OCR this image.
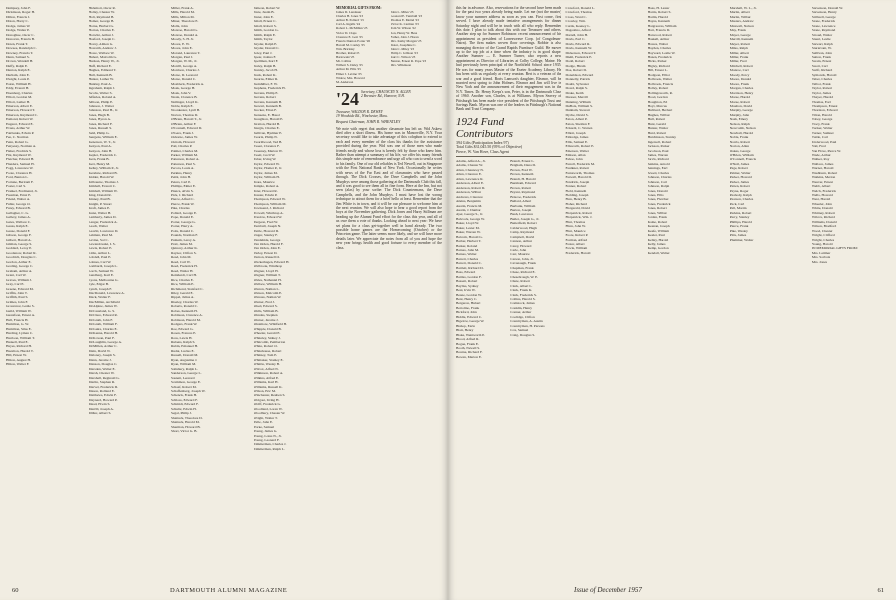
Dempsey, John F.
Dickinson, Roger H.
Dillon, Francis J.
Dixon, Harry C.
Dodge, James W.
Dodge, Walter P.
Donoghue, Oscar C.
Donovan, Francis B.
Doten, Frank T.
Dowsee, Randolph C.
Downey, Francis T.
Dunn, Samuel S.
Drown, Wendell H.
Duffy, Ralph E.
Dunton, Ralph E.
Durham, John E.
Dwight, Louis P.
Eaton, William H.
Eddy, Everett H.
Eisenberg, Charles
Elliott, Gordon M.
Elliott, Luther H.
Emerson, Albert E.
Emerson, Howard T.
Emerson, Raymond C.
Esmond, Robert W.
Eugerer, Edward E.
Evans, Arthur W.
Fairbanks, Edwin P.
Fee, C. Norman
Fenn, Robert G.
Fenyessy, Norman A.
Fisher, Fredrick S.
Fitz, Raymond W.
Fletcher, Edward H.
Flanders, Samuel H.
Fogg, Lawrence W.
Foote, Clarence H.
Ford, Benton L.
Fortune, Bertram F.
Foster, Carl S.
Frankel, Ferdinand, Jr.
Freeman, Ernst E.
Friend, Walter A.
Fuller, George O.
Furey, Edward B.
Gallagher, C. G.
Gallery, James A.
Gates, Wallace C.
Gauss, Ralph E.
Gause, Donald F.
Gibson, George F.
Gilbert, Harold A.
Gilman, George S.
Goddard, Leroy P.
Goodenow, Robert R.
Goodrich, Douglas C.
Gordon, Arthur E.
Gosling, George C.
Graham, Arthur A.
Grant, Carl W.
Graves, William J.
Gray, Carl E.
Greene, Edward M.
Griffin, John T.
Griffith, Paul S.
Grimes, John F.
Grosvenor, Leslie S.
Guild, William W.
Gustafson, Ernest A.
Hall, Francis H.
Hamilton, G. W.
Hamilton, Silas E.
Harding, Lyman C.
Harrison, William T.
Haskell, Paul E.
Hayes, Richard H.
Hazelton, Harold T.
Hill, Ernest W.
Hilton, August H.
Hilton, Walter F.
Hickmott, Oscar R.
Holley, Chester W.
Holt, Raymond B.
Homer, George B.
Horne, Herbert G.
Horton, Charles E.
Horwitz, Arthur J.
Hosford, Joseph C.
Hovey, Almon G.
Howarth, Andrew J.
Howe, Wallace W.
Hubert, Malcolm G.
Hudson, Henry W., Jr.
Huff, Richard E.
Hughes, Edmond T.
Hull, Kenneth B.
Hunter, Luther W.
Huntley, Paul A.
Ingraham, Ralph J.
Jacobs, Walter S.
Jefferies, Roland A.
Jellison, Philip E.
Johnson, J. Walter
Johnston, Paul H., Jr.
Jones, Hugh B.
Jones, Byron A.
Jones, Richard F.
Jones, Russell S.
Judd, Philip G.
Juergens, William E.
Kenerson, W. T., Jr.
Kenyon, Paul A.
Kenyon, John H.
Kepler, Frederick C.
Kern, Frank B.
Kerr, Henry M.
Kelley, William P., Jr.
Kershaw, Richard B.
Kidder, Harold W.
Kilbourne, Thomas J.
Kimball, Everett C.
Kimball, William W.
King, Donald R.
Kinney, Paul B.
Knight, P. Stuart
Kraft, James E.
Kunz, Walter H.
Lamberty, James D.
Langer, Frederick A.
Leach, Walter
Leavitt, Lawrence D.
Lehman, Paul M.
Levine, Sol C.
Lewandowski, I. S.
Lewis, Robert E.
Little, Arthur L.
Lobdell, Paul E.
Lohnes, Carl W.
Lombardi, Joseph L.
Lorch, Samuel W.
Lundberg, Karl E.
Lyons, Melbourne G.
Lyle, Edgar B.
Lynch, Joseph F.
MacDonald, Lawrence A.
Mack, Walter F.
MacMillan, Archibald
McAlpine, James W.
McCausland, G. S.
McClure, Edward R.
McGrath, John F.
McGrath, William F.
McGuire, Charles E.
McKenna, Harold H.
McKowan, Paul F.
McLaughlin, George A.
McMillen, Arthur C.
Main, David N.
Maloney, Joseph S.
Mann, Jerome J.
Manson, Douglas C.
Marsden, Walter E.
Marsh, Chester W.
Marshall, Reginald G.
Martin, Stephen R.
Marvel, Frederick D.
Mason, Rolland E.
Matthews, Edwin F.
Maynard, Howard P.
Mead, Elwin S.
Merrill, Joseph A.
Miller, Albert S.
Miller, Frank A.
Mills, Harold M.
Mills, Milton M.
Miner, Theodore E.
Molla, John
Monroe, Harold G.
Monroe, Donald A.
Moody, S. H. Jr.
Moore, E. W.
Moore, John E.
Morand, Laurance T.
Morgan, Paul J.
Morgan, W. M., Jr.
Morrill, George A.
Morrison, Charles J.
Morse, D. Leonard
Morse, Donald C.
Mosbleck, Frederick A.
Mosk, George H.
Mosk, John V.
Neale, Clarence B.
Neilinger, Lloyd K.
Noble, Ralph E.
Noonkester, Lyell B.
Norton, Thomas D.
O'Brien, Harold T., Jr.
O'Brien, Arthur F.
O'Connell, Edward D.
O'Gara, Frank J.
Osborne, James W.
Ostrom, Howard
Pail, Charles P.
Palmer, Charles M.
Parker, William M.
Patterson, Robert A.
Patterson, Paul S.
Pecora, Louis A.
Perkins, Henry
Pettit, John H.
Peters, Carl P.
Phillips, Elmer E.
Pianca, Alvin S.
Pick, J. Richard
Pierce, Alfred C.
Pierce, Frank W.
Pike, Charles
Pollard, George E.
Pope, Donald E.
Porter, George G.
Porter, Harry A.
Potts, Donald C.
Pounds, Norman F.
Putnam, Leroy A.
Pratt, James M.
Quincey, Arthur K.
Raynor, Clifton S.
Read, John M.
Reed, Carl W.
Reed, Frederick H.
Reed, Walter H.
Reinhardt, Carl H.
Rice, Charles E.
Rice, William E.
Richmond, Stanford C.
Riley, Gerald E.
Rippel, Julius A.
Riseley, Charles W.
Roberts, Ronald C.
Robes, Kenneth H.
Robinson, Clarence A.
Robinson, Harold M.
Rodgers, Frank W.
Roe, Edward G.
Rosen, Frances E.
Ross, Lewis H.
Rubens, Ralph S.
Rubin, Emanuel H.
Rudat, Lucius E.
Russell, Donald M.
Ryan, Augustine J.
Ryan, William M.
Salisbury, Ralph L.
Sanderson, George L.
Sasnett, Leonard
Scammon, George E.
Schaaf, Robert M.
Schaffenberg, Joseph W.
Schenck, Frank H.
Schloss, Edward F.
Schmidt, Edward F.
Schultz, Edwin H.
Segal, Philip J.
Shattuck, Theodore D.
Shattuck, Harold M.
Sherman, Howard B.
Short, Victor G. B.
Simeon, Robert W.
Slate, Justin B.
Slater, John E.
Small, Ernest C.
Small, Robert S.
Smith, Gordon G.
Smith, Ralph E.
Smith, Taylor
Snyder, Ralph E.
Snyder, Donald C.
Soley, Paul J.
Spear, Joshua F.
Spellman, Karl F.
Staley, Ralph B.
Stanley, Jacob H.
Stark, Robert K.
Stearns, Elmer R.
Steinhilber, F. W.
Stephens, Frederick H.
Stevens, Philip E.
Stevens, Robert
Stevens, Kenneth B.
Stewart, Kenneth B.
Stocker, Elton F.
Stensena, E. Hasol
Stoughton, Harold E.
Stratton, Harold B.
Sturgis, Charles E.
Sullivan, Hjalmar E.
Swartz, Philip N.
Swarthwood, Ted B.
Sweet, Clarence F.
Sweeney, Merton W.
Swett, Cecil W.
Taber, Irving W.
Taylor, Edward W.
Taylor, Homer P., Jr.
Taylor, James M.
Taylor, William H.
Teare, Maurice
Temple, Robert A.
Teter, Howard R.
Tessier, Edwin P.
Thompson, Edward W.
Thompson, William M.
Townsend, J. Richard
Trowell, Winthrop A.
Truslow, Edward W.
Turgeon, Fred W.
Turnbull, Joseph N.
Tuttle, Howard D.
Unger, Stanley F.
Vandehide, George
Van Orden, Harold F.
Van Orden, John E.
Varley, Ernest D.
Vernon, Russell O.
Wackerhagen, Edward H.
Walbrook, Winthrop
Wagner, Lloyd H.
Wagner, William T.
Wales, Nathaniel H.
Wallace, William H.
Warren, Nathan L.
Watson, Malcolm E.
Wanous, Nathan W.
Warner, Fred J.
Weed, Edward S.
Wells, William B.
Wendes, Stephen
Werner, Jerome J.
Westmore, Whitfield H.
Whipple, Donald B.
Wheeler, Gerald E.
Whiteley, Sidney J.
Whitcomb, Pemberton
White, Robert O.
Whitehouse, Robert
Whitney, Tom E.
Whittaker, Stanley E.
Whittle, Wesley B.
Wilcox, Alfred N.
Wilkinson, Robert A.
Wilkins, Alfred E.
Williams, Karl H.
Williams, Russell K.
Wilson, Eric M.
Winchester, Reuben S.
Wolgast, Irving H.
Wolff, Frederick G.
Woodland, Loren W.
Woodbury, Chester W.
Wright, Walter T.
Yelle, John E.
Yorke, Samuel
Young, James G.
Young, Lotus N., Jr.
Young, Leonard F.
Zimmerman, Charles J.
Zimmerman, Ralph L.
MEMORIAL GIFTS FROM:
James D. Landauer
Charles H. Jones '23
Arthur B. Pollard '13
Carl A. Ingalls '24
Robert L. McMillan '25
Victor D. Claps
Clarence E. Gott '25
Francis Dunton Porter '26
Harold M. Conley '25
Wm. Brickley
Brother, Robert P.
Bartowski '25
Mr. Collins
Wilbert S. Daley '25
Arthur M. Ellis '25
Elmer J. Levine '25
Widow, Mrs. Howard
M. Anderson
John L. Miles '23
Leonard E. Turnbull '23
Thomas E. Mettel '23
Victor K. Carman '23
Tom W. Wilson '22
Son, Henry W. Hess
Father, John J. Horan
Mrs. Kathy Morgan '25
Sister, Josephine C.
John C. Miley '23
Philip C. Jellison '23
Kurt C. Wilson '23
Benton, Ernest R. Pope '23
Mrs. Wilkinson
'24 Secretary, CHAUNCEY N. ALLEN
2 Brewster Rd., Hanover, N.H.
Treasurer, WALDON R. DEWEY
19 Woodside Rd., Winchester, Mass.
Bequest Chairman, JOHN R. WHEATLEY
We note with regret that another classmate has left us: Wid Askew died after a short illness. His home was in Manorville, N.Y. Your secretary would like to take advantage of this colophon to extend to each and every member of the class his thanks for the assistance provided during the year. Wid was one of those men who made friends easily and whose loss is keenly felt by those who knew him. Rather than attempt a summary of his life, we offer his many friends this simple note of remembrance and urge all who can to send a word to his family. One of our old reliables is Ted Newell, out in Singapore with the First National Bank of New York. Occasionally he writes with news of the Far East and of classmates who have passed through. The Dick Crosses, the Dave Campbells and the John Murphys were among those gathering at the Dartmouth Club this fall, and it was good to see them all in fine form. Here at the Inn, but not seen (alas) by your scribe: The Dick Countermans, the Dave Campbells, and the John Murphys. I must have lost the wrong technique to attract them for a brief hello at least. Remember that the Jim White is in town, and it will be our pleasure to welcome him at the next reunion. We will also hope to hear a good report from the boys at the November gathering. Dick Jones and Harry Stillman are heading up the Alumni Fund effort for the class this year, and all of us owe them a vote of thanks. Looking ahead to next year: We have set plans for a class get-together well in hand already. The two possible home games are the Homecoming (October) or the Princeton game. The latter seems more likely, and we will have more details later. We appreciate the notes from all of you and hope the new year brings health and good fortune to every member of the class.
60	DARTMOUTH ALUMNI MAGAZINE
this far in advance. Also, reservations for the second have been made for the past two years already being made. Let me (not the master) know your summer address as soon as you can. First come, first served. I have already made tentative arrangements for dinner Saturday night and will be in touch with all who reply. Remember this date. I plan to talk about this with our Treasurer and others. Another step up for Sumner Robinson: recent announcement of his appointment as president of Lonesweave Corp. (of Congoleum-Nairn). The firm makes woven floor coverings. Robbie is also managing director of the Grand Rapids Furniture Guild. He moves up to the top job at a time when the industry is in good shape. Another Sumner — E. Sumner Turner, also reports a new appointment as Director of Libraries at Colby College, Maine. He had previously been principal of the Northfield School since 1935. He was for many years Master of the Exeter Academy Library. He has been with us regularly at every reunion. Bert is a veteran of the war and a good friend. Boris Lamson's daughter, Eleanor, will be married next spring to John Holmes. Eleanor and Jim will live in New York and the announcement of their engagement was in the N.Y. Times. Dr. Henry Kreps's son, Peter, is in the Dartmouth Class of 1960. Another son, Charles, is at Williams. Myron Seavey of Pittsburgh has been made vice president of the Pittsburgh Trust and Savings Bank. Myron was one of the leaders in Pittsburgh's National Bank and Trust Company.
1924 Fund Contributors
394 Gifts (Participation Index 97)
Total Gifts $31,045.50 (95% of Objective)
Pierce, W. Van Hove, Class Agent
Adams, Alfred A., Jr.
Adams, Chester W.
Allen, Chauncey N.
Allen, Clarence E.
Allen, Lawrence R.
Anderson, Albert E.
Anderson, Robert D.
Anderson, Wilbur
Andrews, Clarence
Atkins, Benjamin
Austin, Francis M.
Austin, J. Dunbar
Ayer, George S., Jr.
Babcock, George W.
Baker, Lloyd W.
Baker, Lester M.
Baker, Warren W.
Balcom, Harold G.
Barber, Herbert T.
Barker, Roland
Barnes, John M.
Barnes, Walter
Barrett, Charles
Barrett, Donald C.
Bartlett, Richard D.
Bass, Edward
Battles, Gordon F.
Bassett, Robert
Bayliss, Sydney
Beal, Irvin W.
Beane, Gordon W.
Bent, Henry C.
Bergeron, Hubert
Bertolino, Frank
Bickford, John
Biddle, Edward C.
Bigelow, George W.
Bishop, Earle
Blair, Henry
Blake, Wentworth P.
Blood, Alfred R.
Bogue, Frank E.
Booth, Newell S.
Bourne, Richard F.
Bowen, Merton E.
Brandt, Ernest L.
Brigham, Dana D.
Brown, Fred W.
Brown, Kenneth
Brandt, H. Harold
Burnham, Edward
Brown, Robert
Bryant, Raymond
Briscoe, Frederick
Bullard, Albert
Burbank, William
Burton, Joseph
Bush, Lawrence
Butler, Joseph G., Jr.
Butterfield, Robert
Calderwood, Hugh
Camp, Raymond
Campbell, David
Cannon, Arthur
Carey, Howard
Carle, John
Carr, Maurice
Carson, John, Jr.
Cavanaugh, Frank
Chapman, Frank
Chase, Richard E.
Chesebrough, W. E.
Chute, Robert
Clark, Albert L.
Clark, Frank K.
Clark, Frederick S.
Collins, Harold S.
Comstock, James
Conklin, Henry
Conner, Arthur
Coolidge, Clifton
Countryman, A. Austin
Countryman, H. Parsons
Cox, Samuel
Craig, Douglas S.
Crawford, Donald L.
Crawford, Thomas
Cross, Ward C.
Crowley, Wm.
Curtis, Keeney L.
Dagostino, Alfred
Darrell, John H.
Davis, Earl C.
Davis, Edward R.
Davis, Kenneth W.
Dickerson, Edward T.
Diehl, Frederick E.
Dodd, Robert
Dodge, Hiram
Doe, Robert D.
Donaldson, Edward
Donnelly, Patrick
Doubt, Sylvester
Dowd, Ralph S.
Drake, Keith
Dresser, Merrill
Dunning, William
DuBois, William S.
Dunham, Stewart
Dyche, David S.
Eaton, Albert P.
Eaton, Sheldon F.
Eckardt, C. Warren
Elliott, Joseph
Eldredge, James
Ellis, Samuel E.
Ellsworth, Robert E.
Emerson, Walter
Emison, Allan
Eshoo, John
Farrell, Frederick M.
Faulkner, Robert
Farnsworth, Thomas
Farwell, Harold D.
Fendrick, Joseph
Fenner, Robert
Field, Kenneth
Fielding, Joseph
Finn, Henry B.
Fisher, Richard
Fitzgerald, David
Fitzpatrick, Robert
Fitzpatrick, Wm. J.
Flint, Thomas
Flinn, John W.
Flint, Maurice
Foote, Robert P.
Forman, Alfred
Foster, Albert
Fowle, William
Frederick, Harold
Haas, H. Lester
Harris, Robert S.
Harlin, Harold
Hayes, Kenneth
Hargreaves, William
Hart, Francis D.
Harwood, Robert
Haskell, Arthur
Hawes, Walter
Hayden, Charles
Hayward, Leslie W.
Hazen, Frederick
Hicks, Parker
Higley, Richard
Hill, Ernest L.
Hodgson, Elliot
Holbrook, Walter
Holbrook, Francis
Holley, Robert
Hollingsworth, R.
Hood, Gordon
Houghton, Ed
Hoyt, Marcus
Hubbard, Herbert
Hughes, Wilbur
Hull, Robert
Hunt, Gerald
Hunter, Walter
Hurd, Robert
Hutchinson, Stanley
Ingersoll, Robert
Jackson, Parker
Jacobson, Paul
James, Warren
Jarvis, Richard
Jenkins, Arnold
Jennings, Earl
Jewett, Charles
Johnson, Charles
Johnson, Carl
Johnson, Ralph
Jones, Donald
Jones, Ellis
Jones, Fletcher
Jones, Frederick
Jones, Robert
Jones, Wilbur
Jordan, Frank
Kaine, Robert
Keenan, Joseph
Keefe, William
Keeler, Paul
Kelley, Harold
Kelly, James
Kemp, Gordon
Kendall, Walter
Marshall, W. L., Jr.
Martin, Albert
Martin, Wilbur
Masters, Andrew
Maxwell, Nelson
May, Frank
Mayer, George
Merrill, Kenneth
Meyer, Robert
Miles, Ralph
Miller, Albert
Miller, Frank
Miller, Fred
Mitchell, Robert
Monroe, Carl
Moody, Percy
Moore, Donald
Moore, Frank
Morgan, Charles
Morrison, Henry
Morse, Harold
Morse, Robert
Moulton, David
Murphy, George
Murphy, John
Nash, Emery
Nelson, Ralph
Newcomb, Nelson
Newhall, Harold
Noble, Frank
Norris, Robert
Norton, Allen
Oakes, George
O'Brien, William
O'Connell, Francis
O'Neil, James
Page, Robert
Palmer, Walter
Parker, Howard
Parker, James
Patten, Robert
Payne, Roger
Peabody, Ralph
Pearson, Charles
Peck, Carl
Pell, Martin
Perkins, Robert
Perry, Stanley
Phillips, Harold
Pierce, Frank
Pike, Wesley
Pitts, James
Plummer, Walter
Stevenson, Donald W.
Stevenson, Henry
Stillwell, George
Stone, Frederick
Stone, Lawrence
Stone, Raymond
Stroud, Walter
Stuart, Leslie
Stewart, Ralph
Sturtevant, W.
Sullivan, John
Sutton, Frank
Swain, Ernest
Swett, Carl
Swift, Richard
Symonds, Harold
Taber, Charles
Talbot, Frank
Taylor, Robert
Taylor, James
Thayer, Harold
Thomas, Earl
Thompson, Ernest
Thornton, Edward
Tilton, Harold
Tobey, George
Tracy, Frank
Tucker, Walter
Turner, Sumner
Tuttle, Carl
Underwood, Paul
Vail, Fred
Van Hove, Pierce W.
Wade, Arthur
Walker, Roy
Wallace, James
Warner, Harold
Washburn, Robert
Watkins, Merton
Weaver, Ernest
Webb, Albert
Welch, Frederick
Wells, Howard
West, Harold
Wheeler, John
White, Donald
Whitney, Robert
Wilcox, Richard
Williams, Donald
Wilson, Bradford
Wood, Chester
Wright, Clifford
Wright, Charles
Young, Harold
IN MEMORIAL GIFTS FROM:
Mrs. Latimer
Mrs. Sorbola
Mrs. Jones
Issue of December 1957	61
